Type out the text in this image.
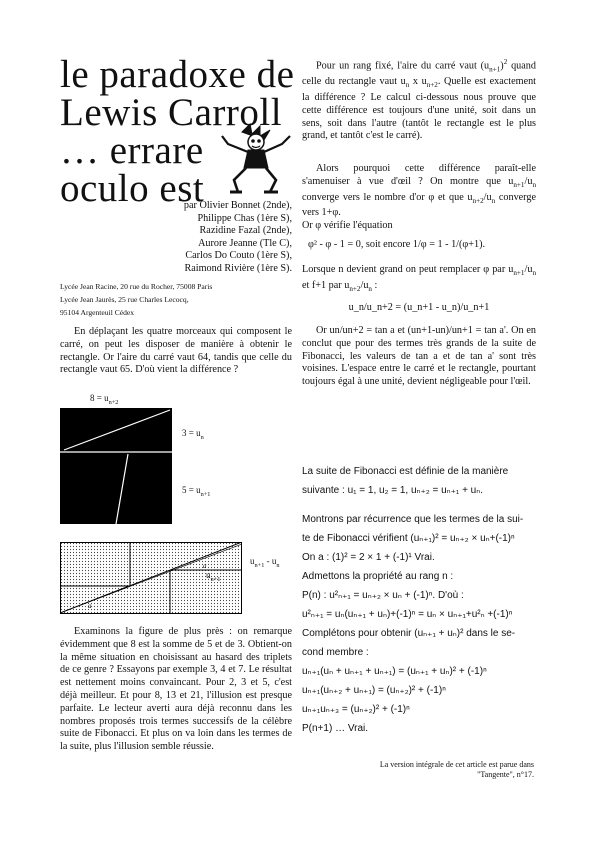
le paradoxe de
Lewis Carroll
… errare
oculo est
par Olivier Bonnet (2nde),
Philippe Chas (1ère S),
Razidine Fazal (2nde),
Aurore Jeanne (Tle C),
Carlos Do Couto (1ère S),
Raimond Rivière (1ère S).
Lycée Jean Racine, 20 rue du Rocher, 75008 Paris
Lycée Jean Jaurès, 25 rue Charles Lecocq,
95104 Argenteuil Cédex
En déplaçant les quatre morceaux qui composent le carré, on peut les disposer de manière à obtenir le rectangle. Or l'aire du carré vaut 64, tandis que celle du rectangle vaut 65. D'où vient la différence ?
$8 = u_{n+2}$
$3 = u_n$
$5 = u_{n+1}$
$u_{n+1} - u_n$
$u_{n+1}$
a
a
Examinons la figure de plus près : on remarque évidemment que 8 est la somme de 5 et de 3. Obtient-on la même situation en choisissant au hasard des triplets de ce genre ? Essayons par exemple 3, 4 et 7. Le résultat est nettement moins convaincant. Pour 2, 3 et 5, c'est déjà meilleur. Et pour 8, 13 et 21, l'illusion est presque parfaite. Le lecteur averti aura déjà reconnu dans les nombres proposés trois termes successifs de la célèbre suite de Fibonacci. Et plus on va loin dans les termes de la suite, plus l'illusion semble réussie.
Pour un rang fixé, l'aire du carré vaut $(u_{n+1})^2$ quand celle du rectangle vaut $u_n$ x $u_{n+2}$. Quelle est exactement la différence ? Le calcul ci-dessous nous prouve que cette différence est toujours d'une unité, soit dans un sens, soit dans l'autre (tantôt le rectangle est le plus grand, et tantôt c'est le carré).
Alors pourquoi cette différence paraît-elle s'amenuiser à vue d'œil ? On montre que $u_{n+1}/u_n$ converge vers le nombre d'or φ et que $u_{n+2}/u_n$ converge vers 1+φ.
Or φ vérifie l'équation
φ² - φ - 1 = 0, soit encore 1/φ = 1 - 1/(φ+1).
Lorsque n devient grand on peut remplacer φ par $u_{n+1}/u_n$ et f+1 par $u_{n+2}/u_n$ :
u_n/u_n+2 = (u_n+1 - u_n)/u_n+1
Or un/un+2 = tan a et (un+1-un)/un+1 = tan a'. On en conclut que pour des termes très grands de la suite de Fibonacci, les valeurs de tan a et de tan a' sont très voisines. L'espace entre le carré et le rectangle, pourtant toujours égal à une unité, devient négligeable pour l'œil.
La suite de Fibonacci est définie de la manière
suivante : u₁ = 1, u₂ = 1, uₙ₊₂ = uₙ₊₁ + uₙ.
Montrons par récurrence que les termes de la sui-
te de Fibonacci vérifient (uₙ₊₁)² = uₙ₊₂ × uₙ+(-1)ⁿ
On a : (1)² = 2 × 1 + (-1)¹ Vrai.
Admettons la propriété au rang n :
P(n) : u²ₙ₊₁ = uₙ₊₂ × uₙ + (-1)ⁿ. D'où :
u²ₙ₊₁ = uₙ(uₙ₊₁ + uₙ)+(-1)ⁿ = uₙ × uₙ₊₁+u²ₙ +(-1)ⁿ
Complétons pour obtenir (uₙ₊₁ + uₙ)² dans le se-
cond membre :
uₙ₊₁(uₙ + uₙ₊₁ + uₙ₊₁) = (uₙ₊₁ + uₙ)² + (-1)ⁿ
uₙ₊₁(uₙ₊₂ + uₙ₊₁) = (uₙ₊₂)² + (-1)ⁿ
uₙ₊₁uₙ₊₃ = (uₙ₊₂)² + (-1)ⁿ
P(n+1) … Vrai.
La version intégrale de cet article est parue dans
"Tangente", n°17.
